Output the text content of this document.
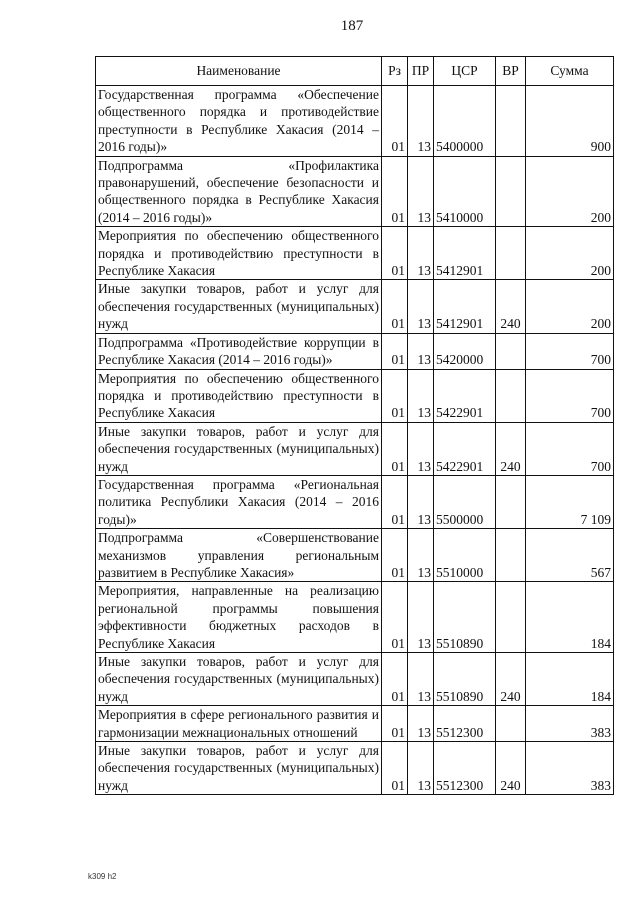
187
Наименование	Рз	ПР	ЦСР	ВР	Сумма
Государственная программа «Обеспечение общественного порядка и противодействие преступности в Республике Хакасия (2014 – 2016 годы)»	01	13	5400000		900
Подпрограмма «Профилактика правонарушений, обеспечение безопасности и общественного порядка в Республике Хакасия (2014 – 2016 годы)»	01	13	5410000		200
Мероприятия по обеспечению общественного порядка и противодействию преступности в Республике Хакасия	01	13	5412901		200
Иные закупки товаров, работ и услуг для обеспечения государственных (муниципальных) нужд	01	13	5412901	240	200
Подпрограмма «Противодействие коррупции в Республике Хакасия (2014 – 2016 годы)»	01	13	5420000		700
Мероприятия по обеспечению общественного порядка и противодействию преступности в Республике Хакасия	01	13	5422901		700
Иные закупки товаров, работ и услуг для обеспечения государственных (муниципальных) нужд	01	13	5422901	240	700
Государственная программа «Региональная политика Республики Хакасия (2014 – 2016 годы)»	01	13	5500000		7 109
Подпрограмма «Совершенствование механизмов управления региональным развитием в Республике Хакасия»	01	13	5510000		567
Мероприятия, направленные на реализацию региональной программы повышения эффективности бюджетных расходов в Республике Хакасия	01	13	5510890		184
Иные закупки товаров, работ и услуг для обеспечения государственных (муниципальных) нужд	01	13	5510890	240	184
Мероприятия в сфере регионального развития и гармонизации межнациональных отношений	01	13	5512300		383
Иные закупки товаров, работ и услуг для обеспечения государственных (муниципальных) нужд	01	13	5512300	240	383
k309 h2
